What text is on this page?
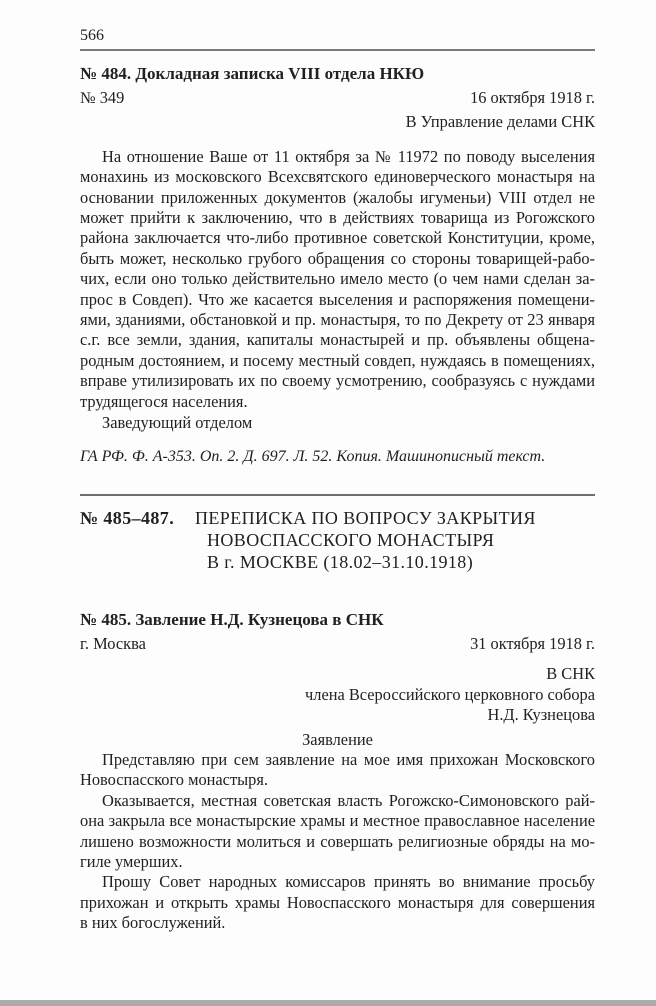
566
№ 484. Докладная записка VIII отдела НКЮ
№ 349	16 октября 1918 г.
В Управление делами СНК
На отношение Ваше от 11 октября за № 11972 по поводу выселения
монахинь из московского Всехсвятского единоверческого монастыря на
основании приложенных документов (жалобы игуменьи) VIII отдел не
может прийти к заключению, что в действиях товарища из Рогожского
района заключается что-либо противное советской Конституции, кроме,
быть может, несколько грубого обращения со стороны товарищей-рабо-
чих, если оно только действительно имело место (о чем нами сделан за-
прос в Совдеп). Что же касается выселения и распоряжения помещени-
ями, зданиями, обстановкой и пр. монастыря, то по Декрету от 23 января
с.г. все земли, здания, капиталы монастырей и пр. объявлены общена-
родным достоянием, и посему местный совдеп, нуждаясь в помещениях,
вправе утилизировать их по своему усмотрению, сообразуясь с нуждами
трудящегося населения.
Заведующий отделом
ГА РФ. Ф. А-353. Оп. 2. Д. 697. Л. 52. Копия. Машинописный текст.
№ 485–487.	ПЕРЕПИСКА ПО ВОПРОСУ ЗАКРЫТИЯ
НОВОСПАССКОГО МОНАСТЫРЯ
В г. МОСКВЕ (18.02–31.10.1918)
№ 485. Завление Н.Д. Кузнецова в СНК
г. Москва	31 октября 1918 г.
В СНК
члена Всероссийского церковного собора
Н.Д. Кузнецова
Заявление
Представляю при сем заявление на мое имя прихожан Московского
Новоспасского монастыря.
Оказывается, местная советская власть Рогожско-Симоновского рай-
она закрыла все монастырские храмы и местное православное население
лишено возможности молиться и совершать религиозные обряды на мо-
гиле умерших.
Прошу Совет народных комиссаров принять во внимание просьбу
прихожан и открыть храмы Новоспасского монастыря для совершения
в них богослужений.
